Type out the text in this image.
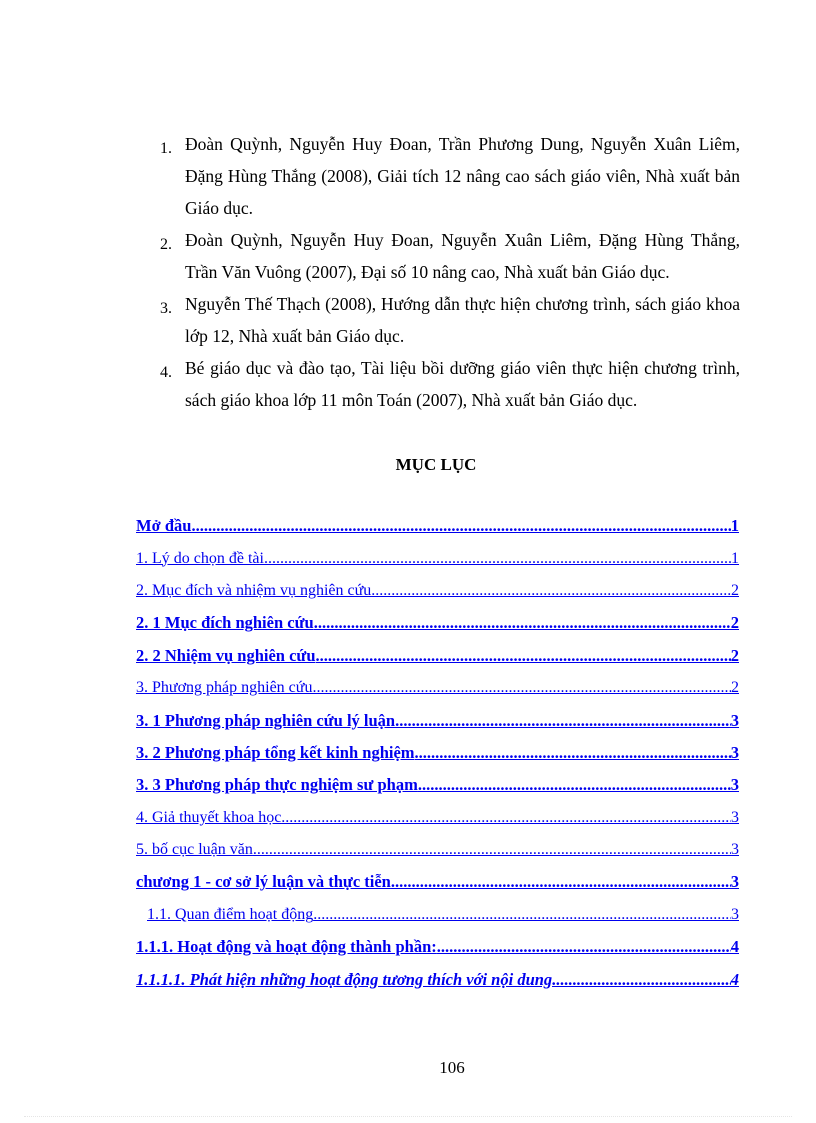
1. Đoàn Quỳnh, Nguyễn Huy Đoan, Trần Phương Dung, Nguyễn Xuân Liêm, Đặng Hùng Thắng (2008), Giải tích 12 nâng cao sách giáo viên, Nhà xuất bản Giáo dục.
2. Đoàn Quỳnh, Nguyễn Huy Đoan, Nguyễn Xuân Liêm, Đặng Hùng Thắng, Trần Văn Vuông (2007), Đại số 10 nâng cao, Nhà xuất bản Giáo dục.
3. Nguyễn Thế Thạch (2008), Hướng dẫn thực hiện chương trình, sách giáo khoa lớp 12, Nhà xuất bản Giáo dục.
4. Bé giáo dục và đào tạo, Tài liệu bồi dưỡng giáo viên thực hiện chương trình, sách giáo khoa lớp 11 môn Toán (2007), Nhà xuất bản Giáo dục.
MỤC LỤC
Mở đầu .....	1
1. Lý do chọn đề tài .....	1
2. Mục đích và nhiệm vụ nghiên cứu .....	2
2. 1 Mục đích nghiên cứu .....	2
2. 2 Nhiệm vụ nghiên cứu .....	2
3. Phương pháp nghiên cứu .....	2
3. 1 Phương pháp nghiên cứu lý luận .....	3
3. 2 Phương pháp tổng kết kinh nghiệm .....	3
3. 3 Phương pháp thực nghiệm sư phạm .....	3
4. Giả thuyết khoa học .....	3
5. bố cục luận văn .....	3
chương 1 - cơ sở lý luận và thực tiễn .....	3
1.1. Quan điểm hoạt động .....	3
1.1.1. Hoạt động và hoạt động thành phần: .....	4
1.1.1.1. Phát hiện những hoạt động tương thích với nội dung .....	4

106
